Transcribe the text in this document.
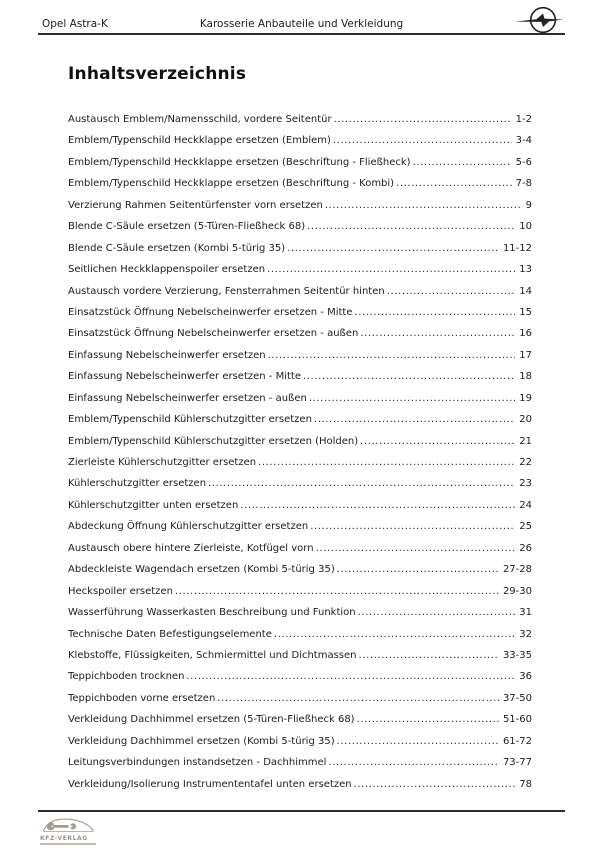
Opel Astra-K	Karosserie Anbauteile und Verkleidung
Inhaltsverzeichnis
Austausch Emblem/Namensschild, vordere Seitentür .....	1-2
Emblem/Typenschild Heckklappe ersetzen (Emblem) .....	3-4
Emblem/Typenschild Heckklappe ersetzen (Beschriftung - Fließheck) .....	5-6
Emblem/Typenschild Heckklappe ersetzen (Beschriftung - Kombi) .....	7-8
Verzierung Rahmen Seitentürfenster vorn ersetzen .....	9
Blende C-Säule ersetzen (5-Türen-Fließheck 68) .....	10
Blende C-Säule ersetzen (Kombi 5-türig 35) .....	11-12
Seitlichen Heckklappenspoiler ersetzen .....	13
Austausch vordere Verzierung, Fensterrahmen Seitentür hinten .....	14
Einsatzstück Öffnung Nebelscheinwerfer ersetzen - Mitte .....	15
Einsatzstück Öffnung Nebelscheinwerfer ersetzen - außen .....	16
Einfassung Nebelscheinwerfer ersetzen .....	17
Einfassung Nebelscheinwerfer ersetzen - Mitte .....	18
Einfassung Nebelscheinwerfer ersetzen - außen .....	19
Emblem/Typenschild Kühlerschutzgitter ersetzen .....	20
Emblem/Typenschild Kühlerschutzgitter ersetzen (Holden) .....	21
Zierleiste Kühlerschutzgitter ersetzen .....	22
Kühlerschutzgitter ersetzen .....	23
Kühlerschutzgitter unten ersetzen .....	24
Abdeckung Öffnung Kühlerschutzgitter ersetzen .....	25
Austausch obere hintere Zierleiste, Kotfügel vorn .....	26
Abdeckleiste Wagendach ersetzen (Kombi 5-türig 35) .....	27-28
Heckspoiler ersetzen .....	29-30
Wasserführung Wasserkasten Beschreibung und Funktion .....	31
Technische Daten Befestigungselemente .....	32
Klebstoffe, Flüssigkeiten, Schmiermittel und Dichtmassen .....	33-35
Teppichboden trocknen .....	36
Teppichboden vorne ersetzen .....	37-50
Verkleidung Dachhimmel ersetzen (5-Türen-Fließheck 68) .....	51-60
Verkleidung Dachhimmel ersetzen (Kombi 5-türig 35) .....	61-72
Leitungsverbindungen instandsetzen - Dachhimmel .....	73-77
Verkleidung/Isolierung Instrumententafel unten ersetzen .....	78
KFZ-VERLAG
